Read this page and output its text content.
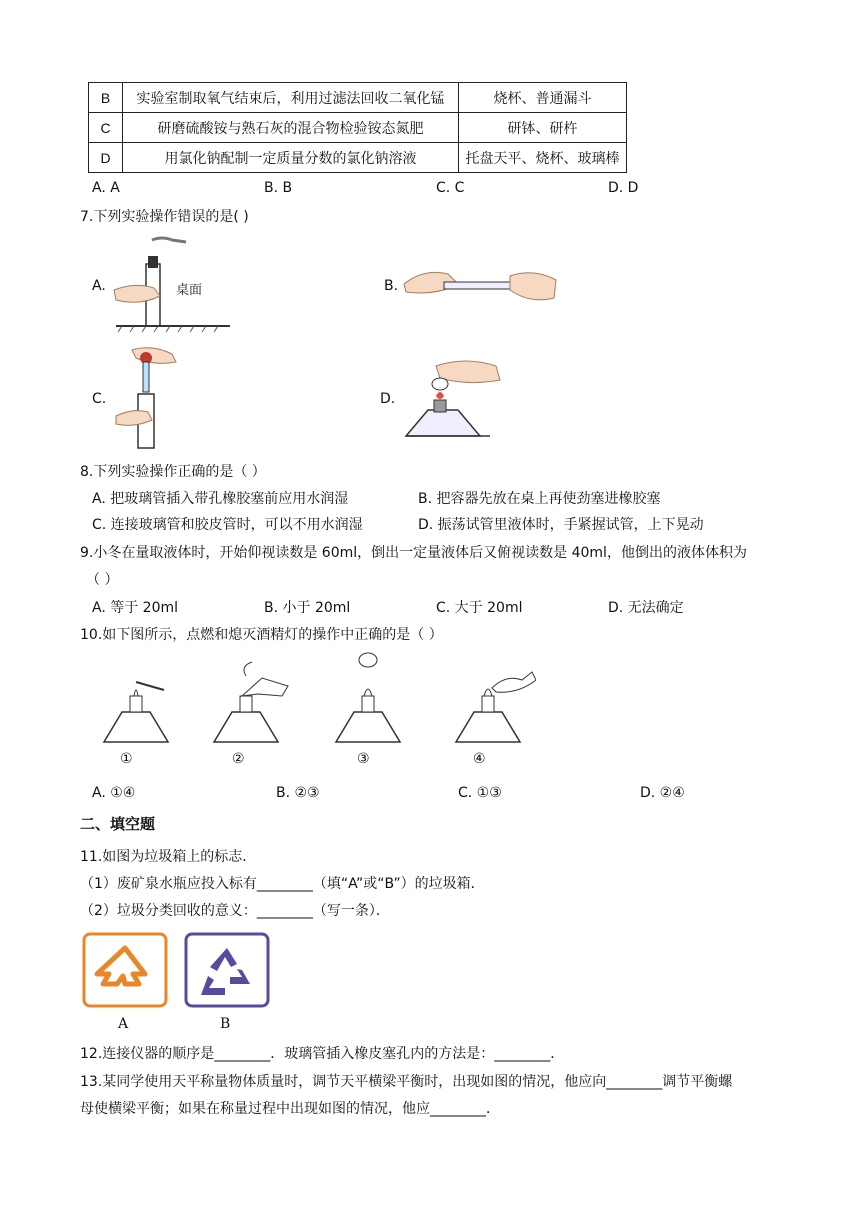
B	实验室制取氧气结束后，利用过滤法回收二氧化锰	烧杯、普通漏斗
C	研磨硫酸铵与熟石灰的混合物检验铵态氮肥	研钵、研杵
D	用氯化钠配制一定质量分数的氯化钠溶液	托盘天平、烧杯、玻璃棒
A. A	B. B	C. C	D. D
7.下列实验操作错误的是( )
A.	桌面	B.
C.	D.
8.下列实验操作正确的是（ ）
A. 把玻璃管插入带孔橡胶塞前应用水润湿	B. 把容器先放在桌上再使劲塞进橡胶塞
C. 连接玻璃管和胶皮管时，可以不用水润湿	D. 振荡试管里液体时，手紧握试管，上下晃动
9.小冬在量取液体时，开始仰视读数是 60ml，倒出一定量液体后又俯视读数是 40ml，他倒出的液体体积为
（ ）
A. 等于 20ml	B. 小于 20ml	C. 大于 20ml	D. 无法确定
10.如下图所示，点燃和熄灭酒精灯的操作中正确的是（ ）
①	②	③	④
A. ①④	B. ②③	C. ①③	D. ②④
二、填空题
11.如图为垃圾箱上的标志．
（1）废矿泉水瓶应投入标有________（填“A”或“B”）的垃圾箱．
（2）垃圾分类回收的意义：________（写一条）．
A	B
12.连接仪器的顺序是________．玻璃管插入橡皮塞孔内的方法是：________．
13.某同学使用天平称量物体质量时，调节天平横梁平衡时，出现如图的情况，他应向________调节平衡螺
母使横梁平衡；如果在称量过程中出现如图的情况，他应________．
